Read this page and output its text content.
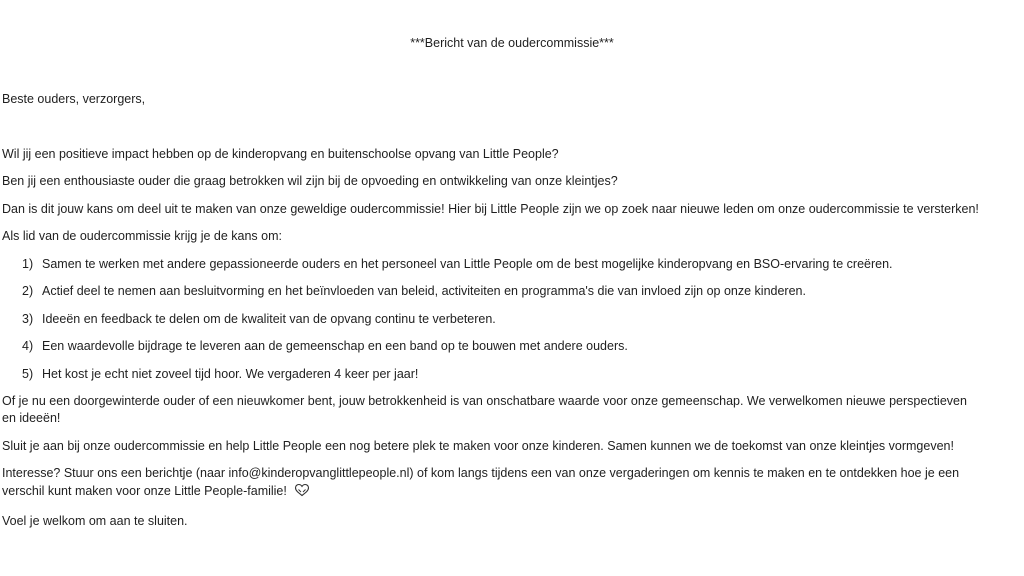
***Bericht van de oudercommissie***
Beste ouders, verzorgers,
Wil jij een positieve impact hebben op de kinderopvang en buitenschoolse opvang van Little People?
Ben jij een enthousiaste ouder die graag betrokken wil zijn bij de opvoeding en ontwikkeling van onze kleintjes?
Dan is dit jouw kans om deel uit te maken van onze geweldige oudercommissie! Hier bij Little People zijn we op zoek naar nieuwe leden om onze oudercommissie te versterken!
Als lid van de oudercommissie krijg je de kans om:
1) Samen te werken met andere gepassioneerde ouders en het personeel van Little People om de best mogelijke kinderopvang en BSO-ervaring te creëren.
2) Actief deel te nemen aan besluitvorming en het beïnvloeden van beleid, activiteiten en programma's die van invloed zijn op onze kinderen.
3) Ideeën en feedback te delen om de kwaliteit van de opvang continu te verbeteren.
4) Een waardevolle bijdrage te leveren aan de gemeenschap en een band op te bouwen met andere ouders.
5) Het kost je echt niet zoveel tijd hoor. We vergaderen 4 keer per jaar!
Of je nu een doorgewinterde ouder of een nieuwkomer bent, jouw betrokkenheid is van onschatbare waarde voor onze gemeenschap. We verwelkomen nieuwe perspectieven
en ideeën!
Sluit je aan bij onze oudercommissie en help Little People een nog betere plek te maken voor onze kinderen. Samen kunnen we de toekomst van onze kleintjes vormgeven!
Interesse? Stuur ons een berichtje (naar info@kinderopvanglittlepeople.nl) of kom langs tijdens een van onze vergaderingen om kennis te maken en te ontdekken hoe je een
verschil kunt maken voor onze Little People-familie!
Voel je welkom om aan te sluiten.
